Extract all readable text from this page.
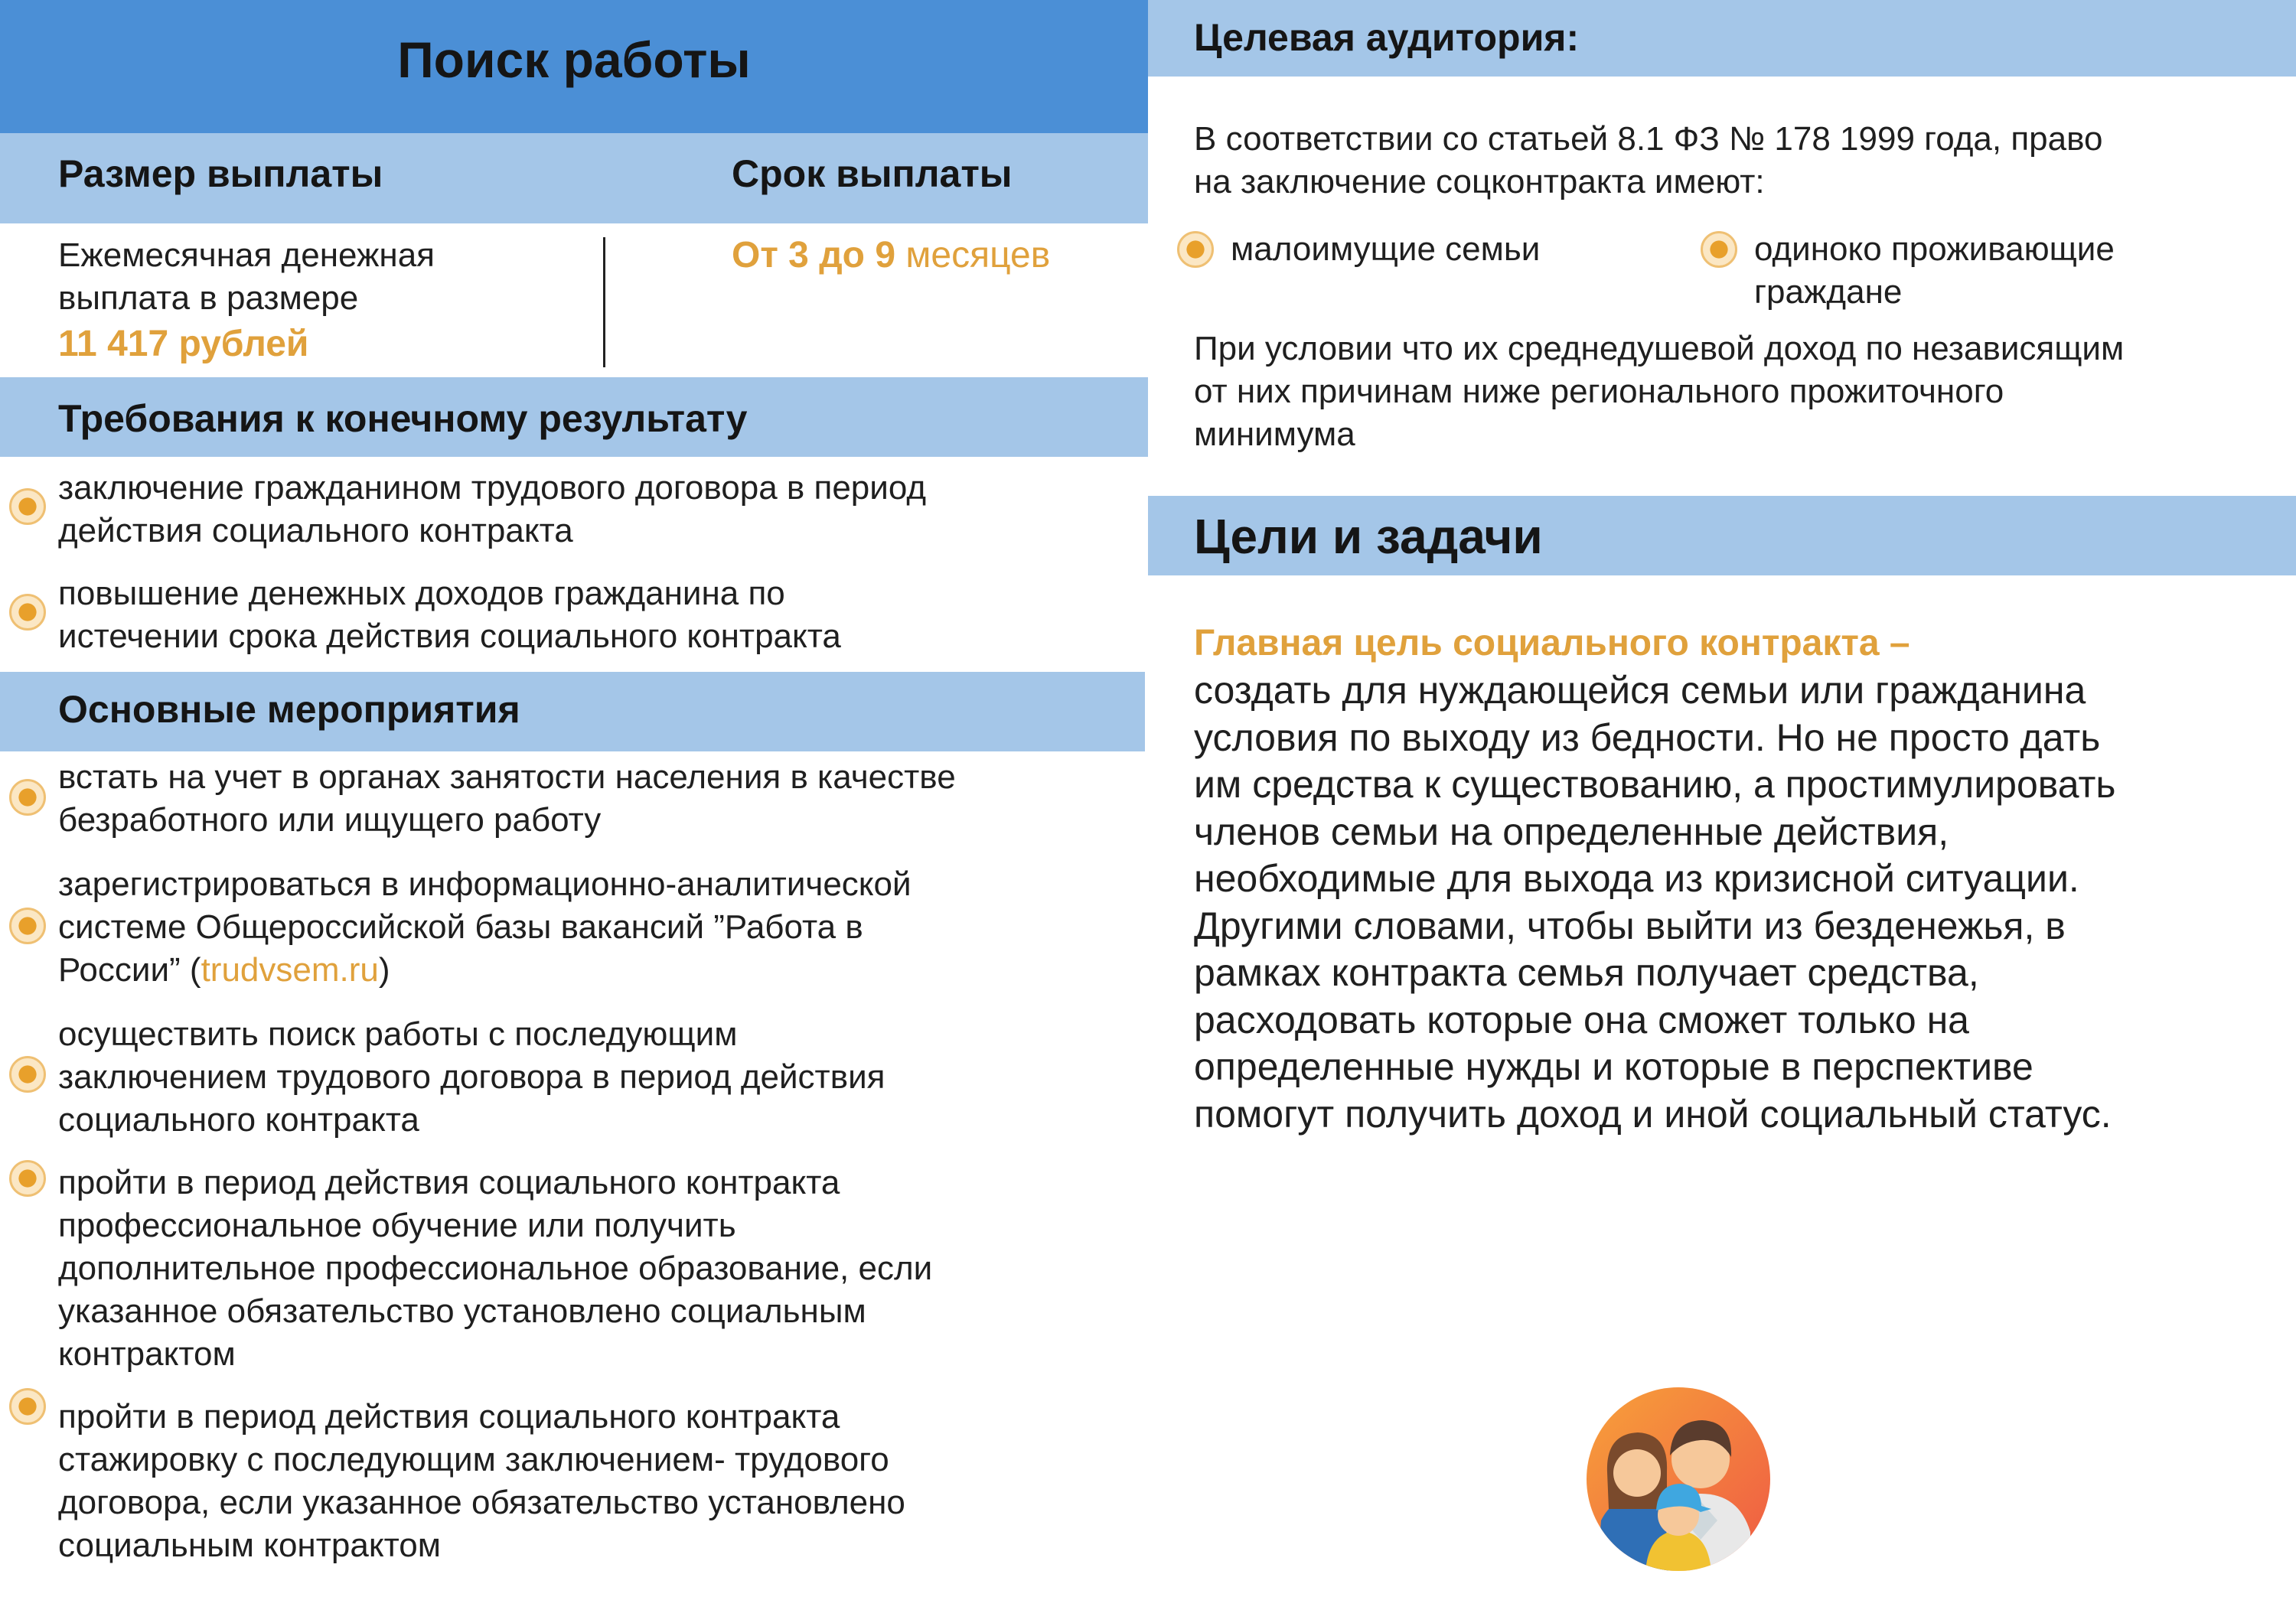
Поиск работы
Размер выплаты	Срок выплаты
Ежемесячная денежная
выплата в размере
11 417 рублей
От 3 до 9 месяцев
Требования к конечному результату
заключение гражданином трудового договора в период
действия социального контракта
повышение денежных доходов гражданина по
истечении срока действия социального контракта
Основные мероприятия
встать на учет в органах занятости населения в качестве
безработного или ищущего работу
зарегистрироваться в информационно-аналитической
системе Общероссийской базы вакансий ”Работа в
России” (trudvsem.ru)
осуществить поиск работы с последующим
заключением трудового договора в период действия
социального контракта
пройти в период действия социального контракта
профессиональное обучение или получить
дополнительное профессиональное образование, если
указанное обязательство установлено социальным
контрактом
пройти в период действия социального контракта
стажировку с последующим заключением- трудового
договора, если указанное обязательство установлено
социальным контрактом
Целевая аудитория:
В соответствии со статьей 8.1 ФЗ № 178 1999 года, право
на заключение соцконтракта имеют:
малоимущие семьи	одиноко проживающие
граждане
При условии что их среднедушевой доход по независящим
от них причинам ниже регионального прожиточного
минимума
Цели и задачи
Главная цель социального контракта –
создать для нуждающейся семьи или гражданина
условия по выходу из бедности. Но не просто дать
им средства к существованию, а простимулировать
членов семьи на определенные действия,
необходимые для выхода из кризисной ситуации.
Другими словами, чтобы выйти из безденежья, в
рамках контракта семья получает средства,
расходовать которые она сможет только на
определенные нужды и которые в перспективе
помогут получить доход и иной социальный статус.
